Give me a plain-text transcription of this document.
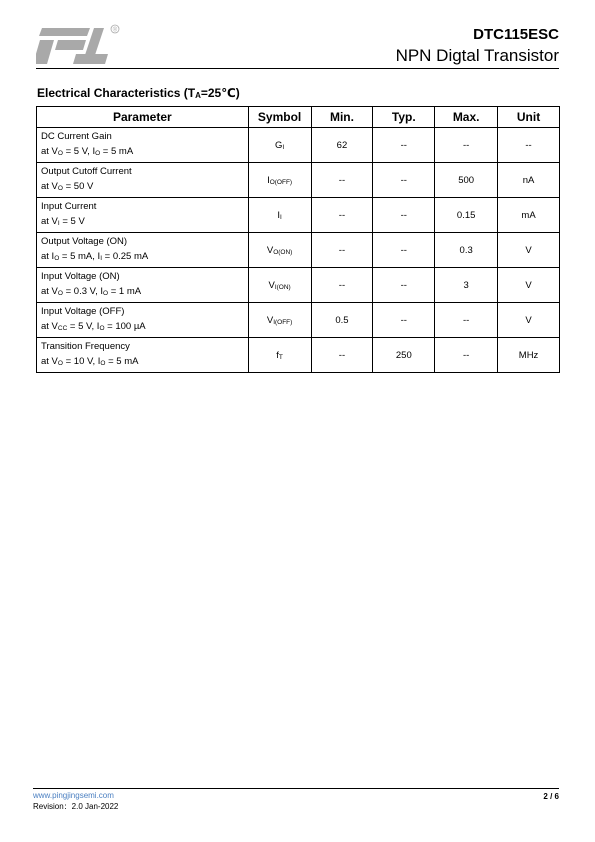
®	DTC115ESC
NPN Digtal Transistor
Electrical Characteristics $(T_A=25℃)$
Parameter	Symbol	Min.	Typ.	Max.	Unit

DC Current Gain
at $V_O = 5$ V, $I_O = 5$ mA	$G_I$	62	--	--	--

Output Cutoff Current
at $V_O = 50$ V	$I_{O(OFF)}$	--	--	500	nA

Input Current
at $V_I = 5$ V	$I_I$	--	--	0.15	mA

Output Voltage (ON)
at $I_O = 5$ mA, $I_I = 0.25$ mA	$V_{O(ON)}$	--	--	0.3	V

Input Voltage (ON)
at $V_O = 0.3$ V, $I_O = 1$ mA	$V_{I(ON)}$	--	--	3	V

Input Voltage (OFF)
at $V_{CC} = 5$ V, $I_O = 100$ µA	$V_{I(OFF)}$	0.5	--	--	V

Transition Frequency
at $V_O = 10$ V, $I_O = 5$ mA	$f_T$	--	250	--	MHz
www.pingjingsemi.com
Revision：2.0 Jan-2022
2 / 6
